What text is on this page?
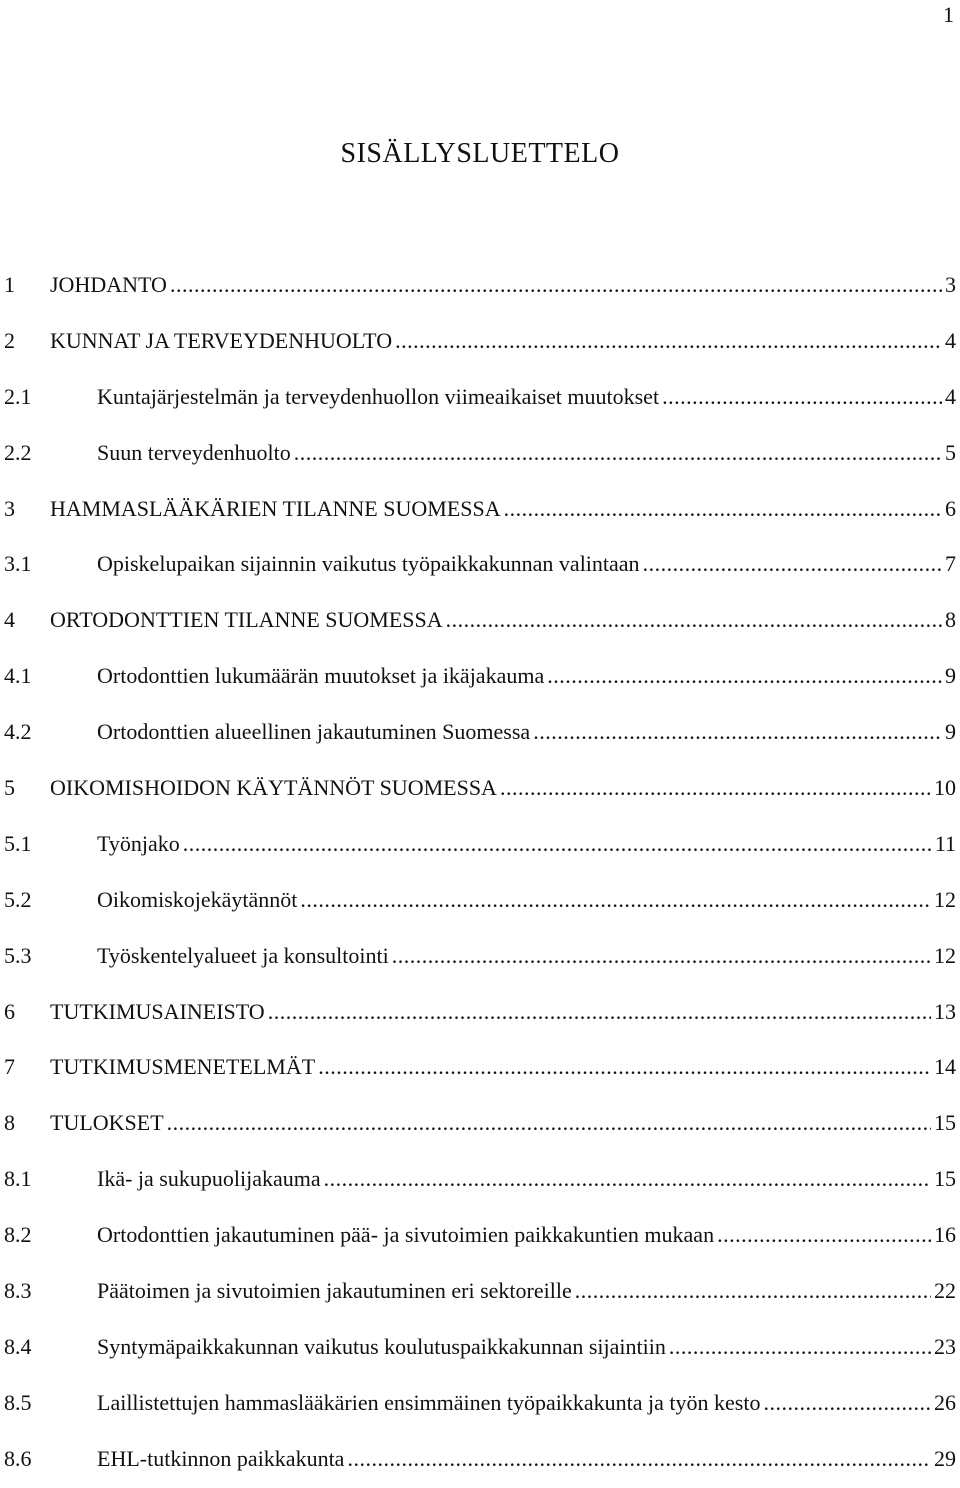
1
SISÄLLYSLUETTELO
1 JOHDANTO .....	3
2 KUNNAT JA TERVEYDENHUOLTO .....	4
2.1	Kuntajärjestelmän ja terveydenhuollon viimeaikaiset muutokset .....	4
2.2	Suun terveydenhuolto .....	5
3 HAMMASLÄÄKÄRIEN TILANNE SUOMESSA .....	6
3.1	Opiskelupaikan sijainnin vaikutus työpaikkakunnan valintaan .....	7
4 ORTODONTTIEN TILANNE SUOMESSA .....	8
4.1	Ortodonttien lukumäärän muutokset ja ikäjakauma .....	9
4.2	Ortodonttien alueellinen jakautuminen Suomessa .....	9
5 OIKOMISHOIDON KÄYTÄNNÖT SUOMESSA .....	10
5.1	Työnjako .....	11
5.2	Oikomiskojekäytännöt .....	12
5.3	Työskentelyalueet ja konsultointi .....	12
6 TUTKIMUSAINEISTO .....	13
7 TUTKIMUSMENETELMÄT .....	14
8 TULOKSET .....	15
8.1	Ikä- ja sukupuolijakauma .....	15
8.2	Ortodonttien jakautuminen pää- ja sivutoimien paikkakuntien mukaan .....	16
8.3	Päätoimen ja sivutoimien jakautuminen eri sektoreille .....	22
8.4	Syntymäpaikkakunnan vaikutus koulutuspaikkakunnan sijaintiin .....	23
8.5	Laillistettujen hammaslääkärien ensimmäinen työpaikkakunta ja työn kesto .....	26
8.6	EHL-tutkinnon paikkakunta .....	29
